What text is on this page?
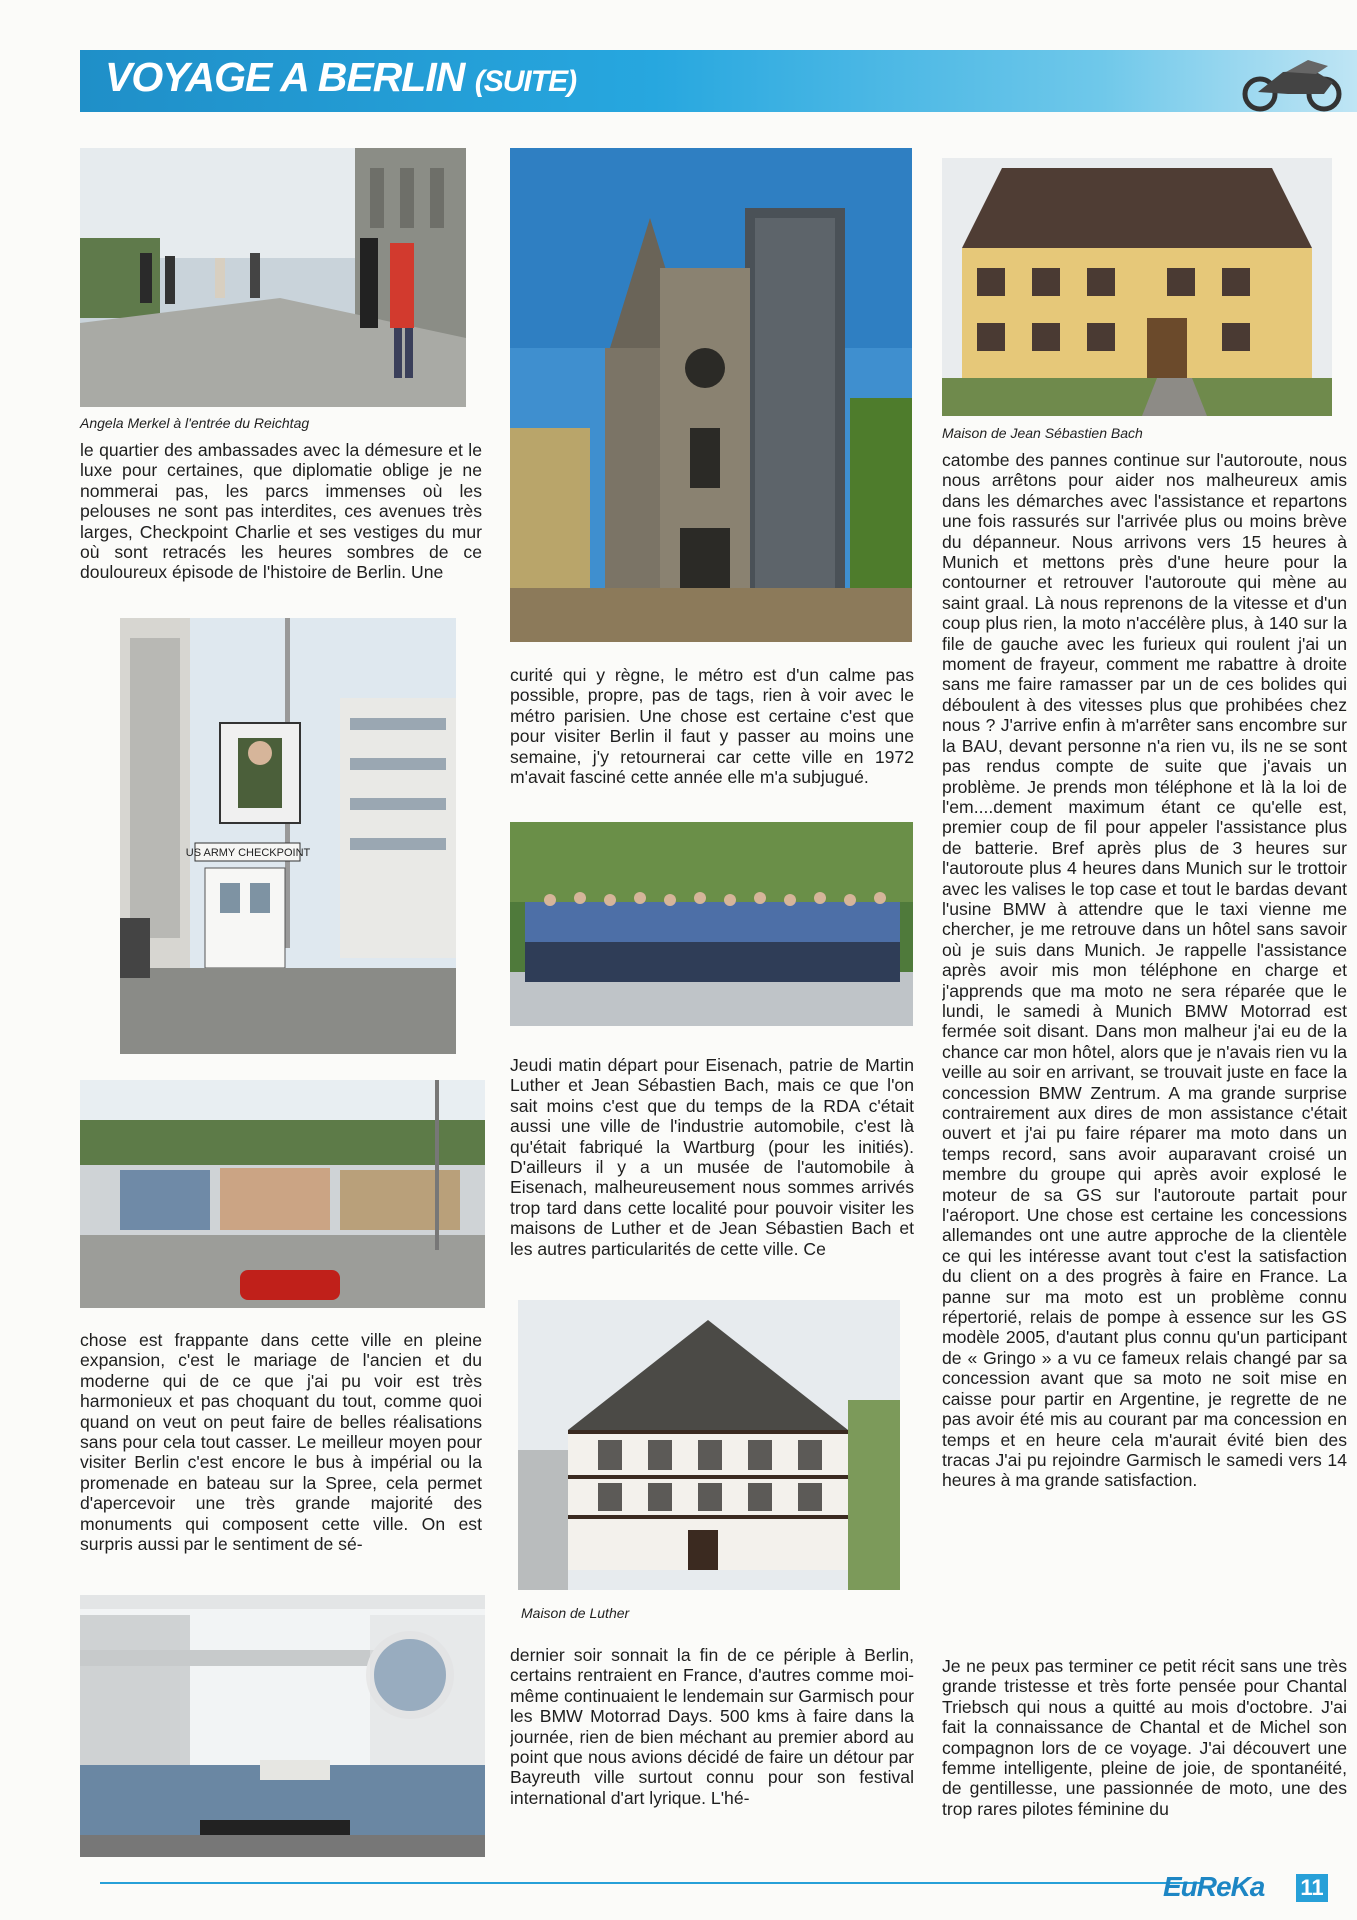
VOYAGE A BERLIN (SUITE)
Angela Merkel à l'entrée du Reichtag
le quartier des ambassades avec la démesure et le luxe pour certaines, que diplomatie oblige je ne nommerai pas, les parcs immenses où les pelouses ne sont pas interdites, ces avenues très larges, Checkpoint Charlie et ses vestiges du mur où sont retracés les heures sombres de ce douloureux épisode de l'histoire de Berlin. Une
US ARMY CHECKPOINT
chose est frappante dans cette ville en pleine expansion, c'est le mariage de l'ancien et du moderne qui de ce que j'ai pu voir est très harmonieux et pas choquant du tout, comme quoi quand on veut on peut faire de belles réalisations sans pour cela tout casser. Le meilleur moyen pour visiter Berlin c'est encore le bus à impérial ou la promenade en bateau sur la Spree, cela permet d'apercevoir une très grande majorité des monuments qui composent cette ville. On est surpris aussi par le sentiment de sé-
curité qui y règne, le métro est d'un calme pas possible, propre, pas de tags, rien à voir avec le métro parisien. Une chose est certaine c'est que pour visiter Berlin il faut y passer au moins une semaine, j'y retournerai car cette ville en 1972 m'avait fasciné cette année elle m'a subjugué.
Jeudi matin départ pour Eisenach, patrie de Martin Luther et Jean Sébastien Bach, mais ce que l'on sait moins c'est que du temps de la RDA c'était aussi une ville de l'industrie automobile, c'est là qu'était fabriqué la Wartburg (pour les initiés). D'ailleurs il y a un musée de l'automobile à Eisenach, malheureusement nous sommes arrivés trop tard dans cette localité pour pouvoir visiter les maisons de Luther et de Jean Sébastien Bach et les autres particularités de cette ville. Ce
Maison de Luther
dernier soir sonnait la fin de ce périple à Berlin, certains rentraient en France, d'autres comme moi-même continuaient le lendemain sur Garmisch pour les BMW Motorrad Days. 500 kms à faire dans la journée, rien de bien méchant au premier abord au point que nous avions décidé de faire un détour par Bayreuth ville surtout connu pour son festival international d'art lyrique. L'hé-
Maison de Jean Sébastien Bach
catombe des pannes continue sur l'autoroute, nous nous arrêtons pour aider nos malheureux amis dans les démarches avec l'assistance et repartons une fois rassurés sur l'arrivée plus ou moins brève du dépanneur. Nous arrivons vers 15 heures à Munich et mettons près d'une heure pour la contourner et retrouver l'autoroute qui mène au saint graal. Là nous reprenons de la vitesse et d'un coup plus rien, la moto n'accélère plus, à 140 sur la file de gauche avec les furieux qui roulent j'ai un moment de frayeur, comment me rabattre à droite sans me faire ramasser par un de ces bolides qui déboulent à des vitesses plus que prohibées chez nous ? J'arrive enfin à m'arrêter sans encombre sur la BAU, devant personne n'a rien vu, ils ne se sont pas rendus compte de suite que j'avais un problème. Je prends mon téléphone et là la loi de l'em....dement maximum étant ce qu'elle est, premier coup de fil pour appeler l'assistance plus de batterie. Bref après plus de 3 heures sur l'autoroute plus 4 heures dans Munich sur le trottoir avec les valises le top case et tout le bardas devant l'usine BMW à attendre que le taxi vienne me chercher, je me retrouve dans un hôtel sans savoir où je suis dans Munich. Je rappelle l'assistance après avoir mis mon téléphone en charge et j'apprends que ma moto ne sera réparée que le lundi, le samedi à Munich BMW Motorrad est fermée soit disant. Dans mon malheur j'ai eu de la chance car mon hôtel, alors que je n'avais rien vu la veille au soir en arrivant, se trouvait juste en face la concession BMW Zentrum. A ma grande surprise contrairement aux dires de mon assistance c'était ouvert et j'ai pu faire réparer ma moto dans un temps record, sans avoir auparavant croisé un membre du groupe qui après avoir explosé le moteur de sa GS sur l'autoroute partait pour l'aéroport. Une chose est certaine les concessions allemandes ont une autre approche de la clientèle ce qui les intéresse avant tout c'est la satisfaction du client on a des progrès à faire en France. La panne sur ma moto est un problème connu répertorié, relais de pompe à essence sur les GS modèle 2005, d'autant plus connu qu'un participant de « Gringo » a vu ce fameux relais changé par sa concession avant que sa moto ne soit mise en caisse pour partir en Argentine, je regrette de ne pas avoir été mis au courant par ma concession en temps et en heure cela m'aurait évité bien des tracas J'ai pu rejoindre Garmisch le samedi vers 14 heures à ma grande satisfaction.
Je ne peux pas terminer ce petit récit sans une très grande tristesse et très forte pensée pour Chantal Triebsch qui nous a quitté au mois d'octobre. J'ai fait la connaissance de Chantal et de Michel son compagnon lors de ce voyage. J'ai découvert une femme intelligente, pleine de joie, de spontanéité, de gentillesse, une passionnée de moto, une des trop rares pilotes féminine du
EuReKa 11
